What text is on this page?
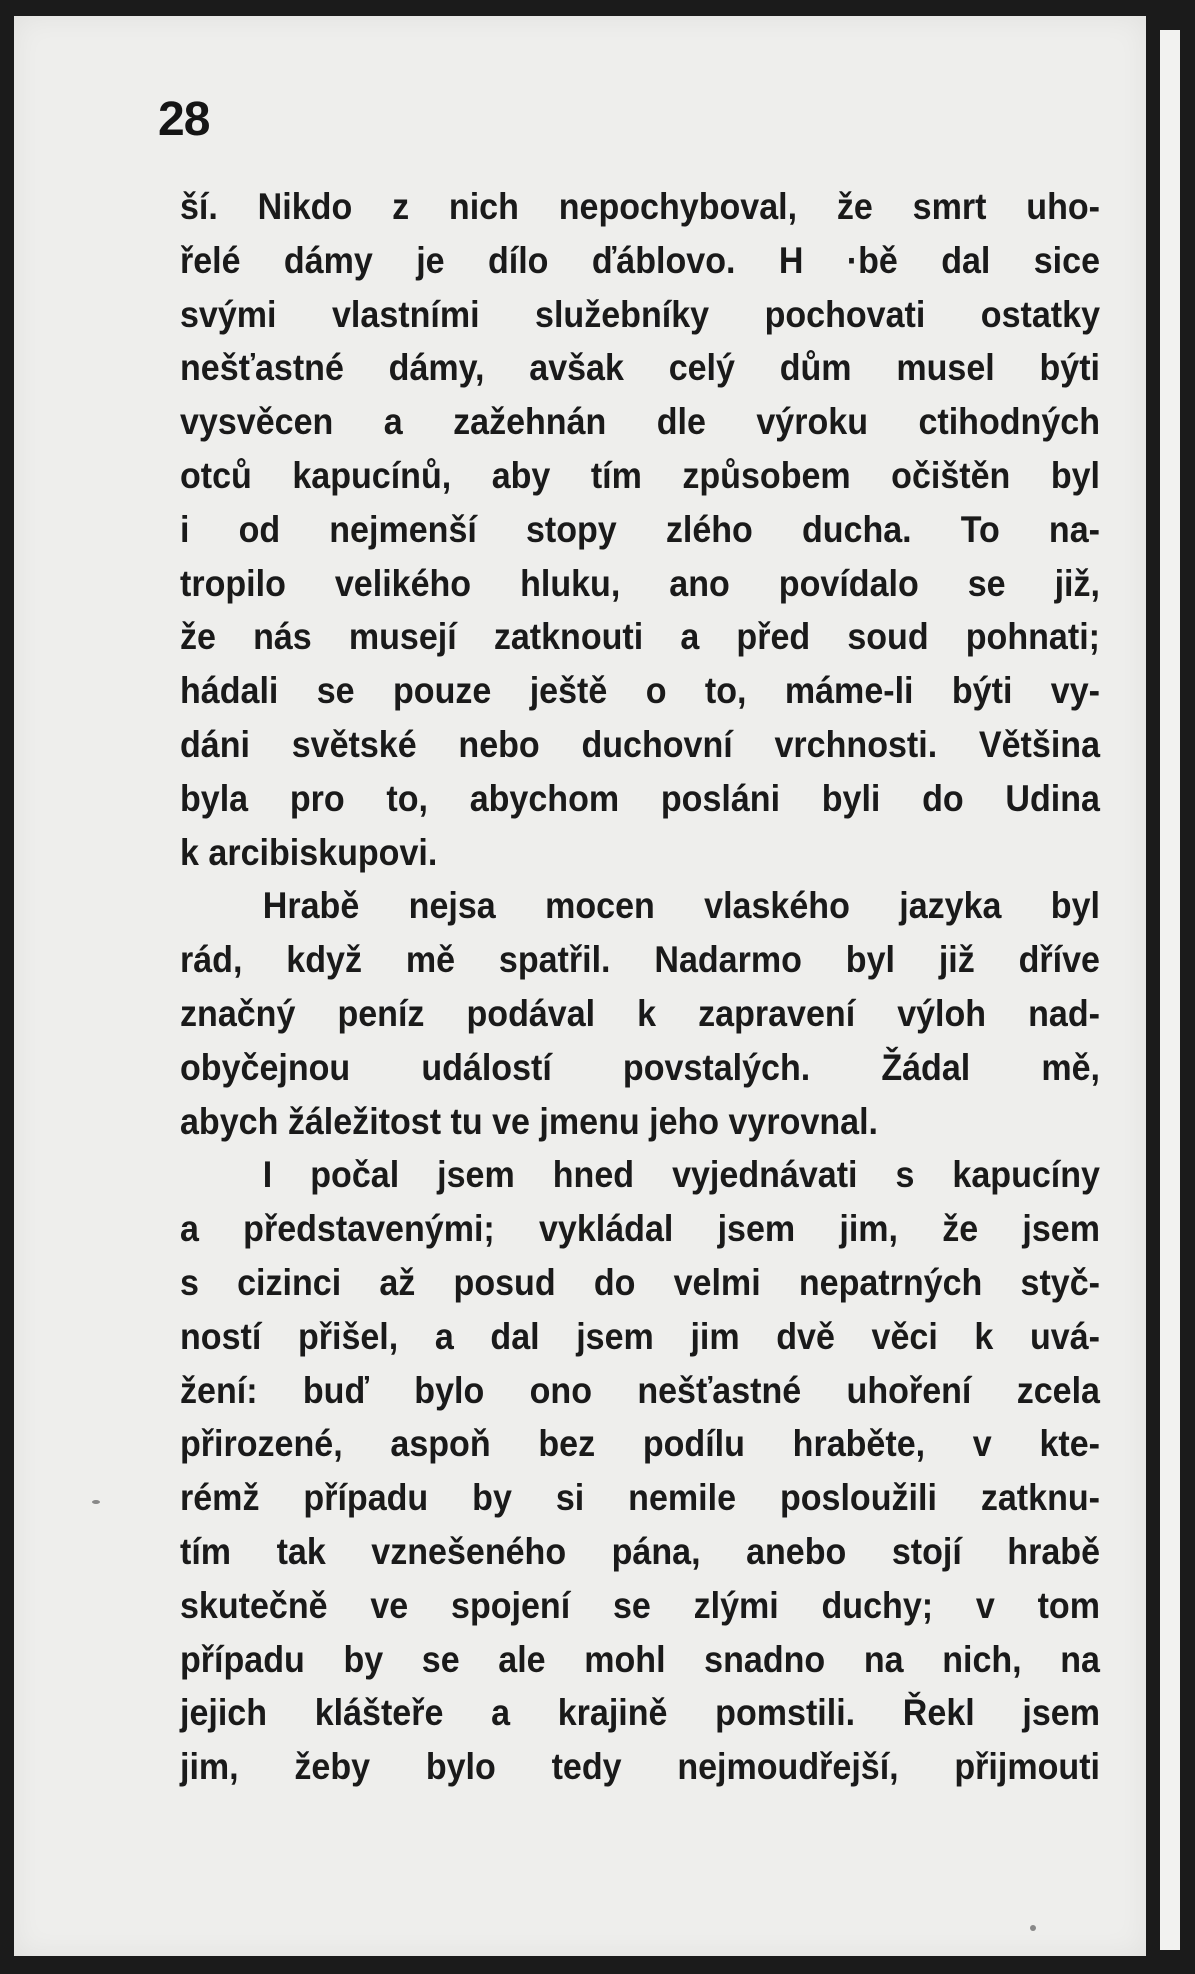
28
ší. Nikdo z nich nepochyboval, že smrt uho-
řelé dámy je dílo ďáblovo. H ·bě dal sice
svými vlastními služebníky pochovati ostatky
nešťastné dámy, avšak celý dům musel býti
vysvěcen a zažehnán dle výroku ctihodných
otců kapucínů, aby tím způsobem očištěn byl
i od nejmenší stopy zlého ducha. To na-
tropilo velikého hluku, ano povídalo se již,
že nás musejí zatknouti a před soud pohnati;
hádali se pouze ještě o to, máme-li býti vy-
dáni světské nebo duchovní vrchnosti. Většina
byla pro to, abychom posláni byli do Udina
k arcibiskupovi.
Hrabě nejsa mocen vlaského jazyka byl
rád, když mě spatřil. Nadarmo byl již dříve
značný peníz podával k zapravení výloh nad-
obyčejnou událostí povstalých. Žádal mě,
abych žáležitost tu ve jmenu jeho vyrovnal.
I počal jsem hned vyjednávati s kapucíny
a představenými; vykládal jsem jim, že jsem
s cizinci až posud do velmi nepatrných styč-
ností přišel, a dal jsem jim dvě věci k uvá-
žení: buď bylo ono nešťastné uhoření zcela
přirozené, aspoň bez podílu hraběte, v kte-
rémž případu by si nemile posloužili zatknu-
tím tak vznešeného pána, anebo stojí hrabě
skutečně ve spojení se zlými duchy; v tom
případu by se ale mohl snadno na nich, na
jejich klášteře a krajině pomstili. Řekl jsem
jim, žeby bylo tedy nejmoudřejší, přijmouti
